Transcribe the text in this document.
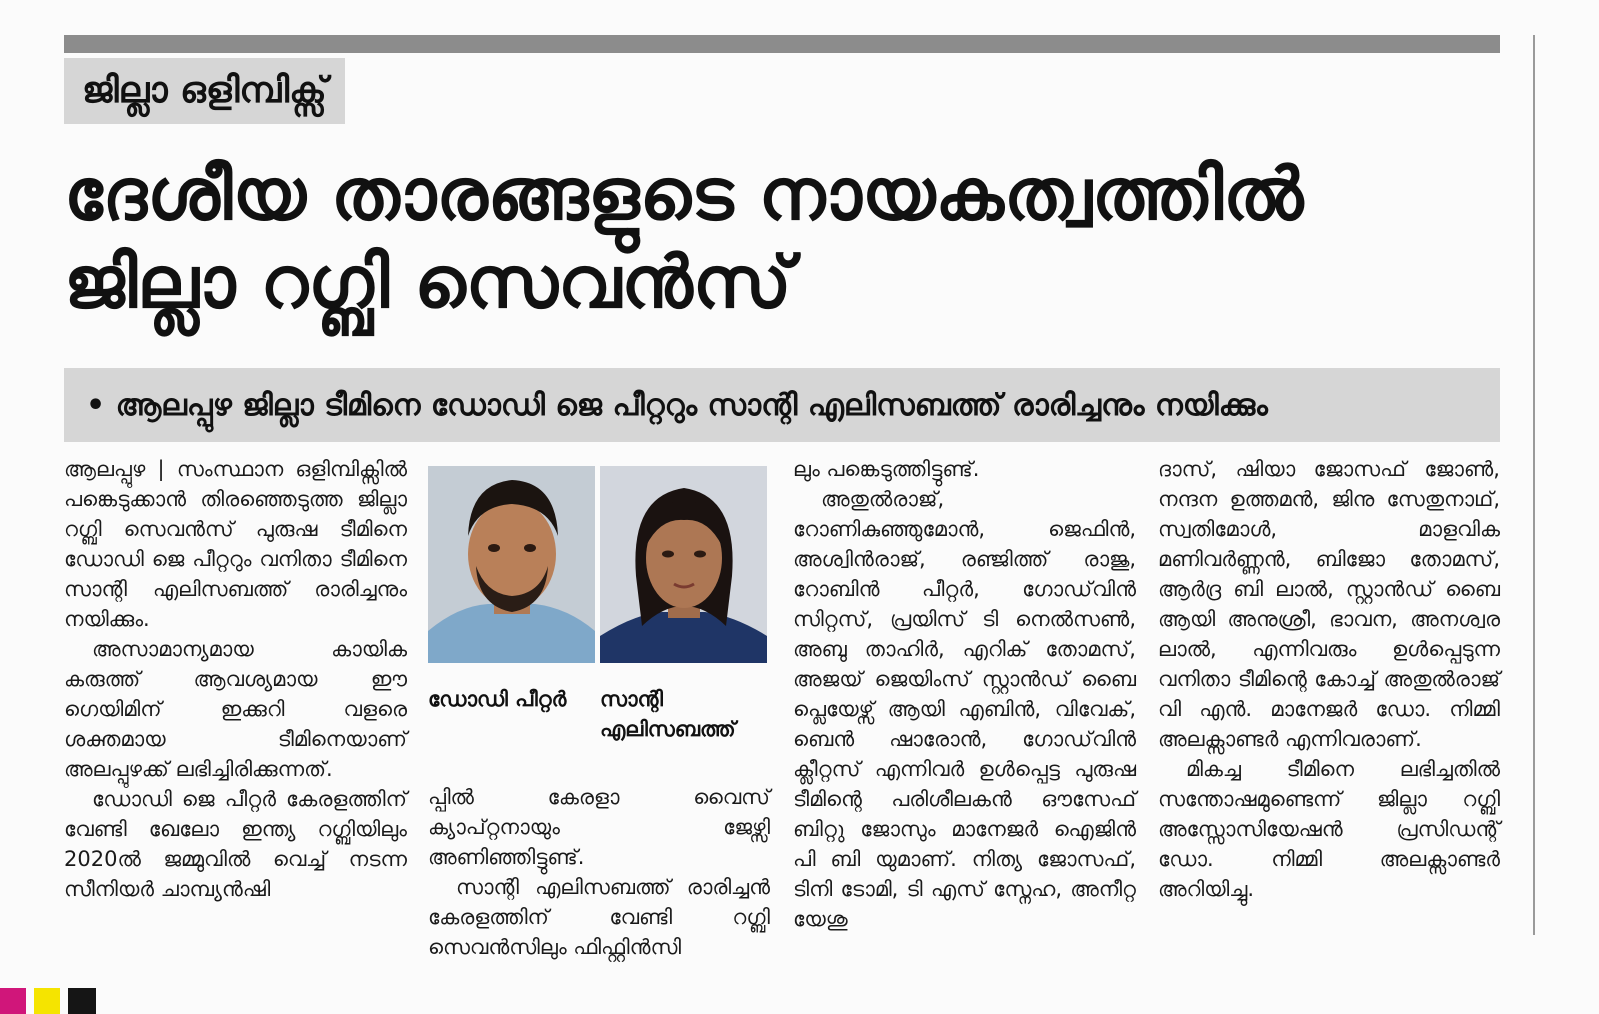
ജില്ലാ ഒളിമ്പിക്സ്
ദേശീയ താരങ്ങളുടെ നായകത്വത്തിൽ
ജില്ലാ റഗ്ബി സെവൻസ്
• ആലപ്പുഴ ജില്ലാ ടീമിനെ ഡോഡി ജെ പീറ്ററും സാന്റി എലിസബത്ത് രാരിച്ചനും നയിക്കും

ആലപ്പുഴ | സംസ്ഥാന ഒളിമ്പിക്സിൽ പങ്കെടുക്കാൻ തിരഞ്ഞെടുത്ത ജില്ലാ റഗ്ബി സെവൻസ് പുരുഷ ടീമിനെ ഡോഡി ജെ പീറ്ററും വനിതാ ടീമിനെ സാന്റി എലിസബത്ത് രാരിച്ചനും നയിക്കും.

അസാമാന്യമായ കായിക കരുത്ത് ആവശ്യമായ ഈ ഗെയിമിന് ഇക്കുറി വളരെ ശക്തമായ ടീമിനെയാണ് അലപ്പുഴക്ക് ലഭിച്ചിരിക്കുന്നത്.

ഡോഡി ജെ പീറ്റർ കേരളത്തിന് വേണ്ടി ഖേലോ ഇന്ത്യ റഗ്ബിയിലും 2020ൽ ജമ്മുവിൽ വെച്ച് നടന്ന സീനിയർ ചാമ്പ്യൻഷി

ഡോഡി പീറ്റർ	സാന്റി എലിസബത്ത്

പ്പിൽ കേരളാ വൈസ് ക്യാപ്റ്റനായും ജേഴ്സി അണിഞ്ഞിട്ടുണ്ട്.

സാന്റി എലിസബത്ത് രാരിച്ചൻ കേരളത്തിന് വേണ്ടി റഗ്ബി സെവൻസിലും ഫിഫ്റ്റിൻസി

ലും പങ്കെടുത്തിട്ടുണ്ട്.

അതുൽരാജ്, റോണികുഞ്ഞുമോൻ, ജെഫിൻ, അശ്വിൻരാജ്, രഞ്ജിത്ത് രാജു, റോബിൻ പീറ്റർ, ഗോഡ്‌വിൻ സിറ്റസ്, പ്രയിസ് ടി നെൽസൺ, അബു താഹിർ, എറിക് തോമസ്, അജയ് ജെയിംസ് സ്റ്റാൻഡ് ബൈ പ്ലെയേഴ്സ് ആയി എബിൻ, വിവേക്, ബെൻ ഷാരോൻ, ഗോഡ്‌വിൻ ക്ലീറ്റസ് എന്നിവർ ഉൾപ്പെട്ട പുരുഷ ടീമിന്റെ പരിശീലകൻ ഔസേഫ് ബിറ്റു ജോസും മാനേജർ ഐജിൻ പി ബി യുമാണ്. നിത്യ ജോസഫ്, ടിനി ടോമി, ടി എസ് സ്നേഹ, അനീറ്റ യേശു

ദാസ്, ഷിയാ ജോസഫ് ജോൺ, നന്ദന ഉത്തമൻ, ജിനു സേതുനാഥ്, സ്വതിമോൾ, മാളവിക മണിവർണ്ണൻ, ബിജോ തോമസ്, ആർദ്ര ബി ലാൽ, സ്റ്റാൻഡ് ബൈ ആയി അനുശ്രീ, ഭാവന, അനശ്വര ലാൽ, എന്നിവരും ഉൾപ്പെടുന്ന വനിതാ ടീമിന്റെ കോച്ച് അതുൽരാജ് വി എൻ. മാനേജർ ഡോ. നിമ്മി അലക്സാണ്ടർ എന്നിവരാണ്.

മികച്ച ടീമിനെ ലഭിച്ചതിൽ സന്തോഷമുണ്ടെന്ന് ജില്ലാ റഗ്ബി അസ്സോസിയേഷൻ പ്രസിഡന്റ് ഡോ. നിമ്മി അലക്സാണ്ടർ അറിയിച്ചു.
